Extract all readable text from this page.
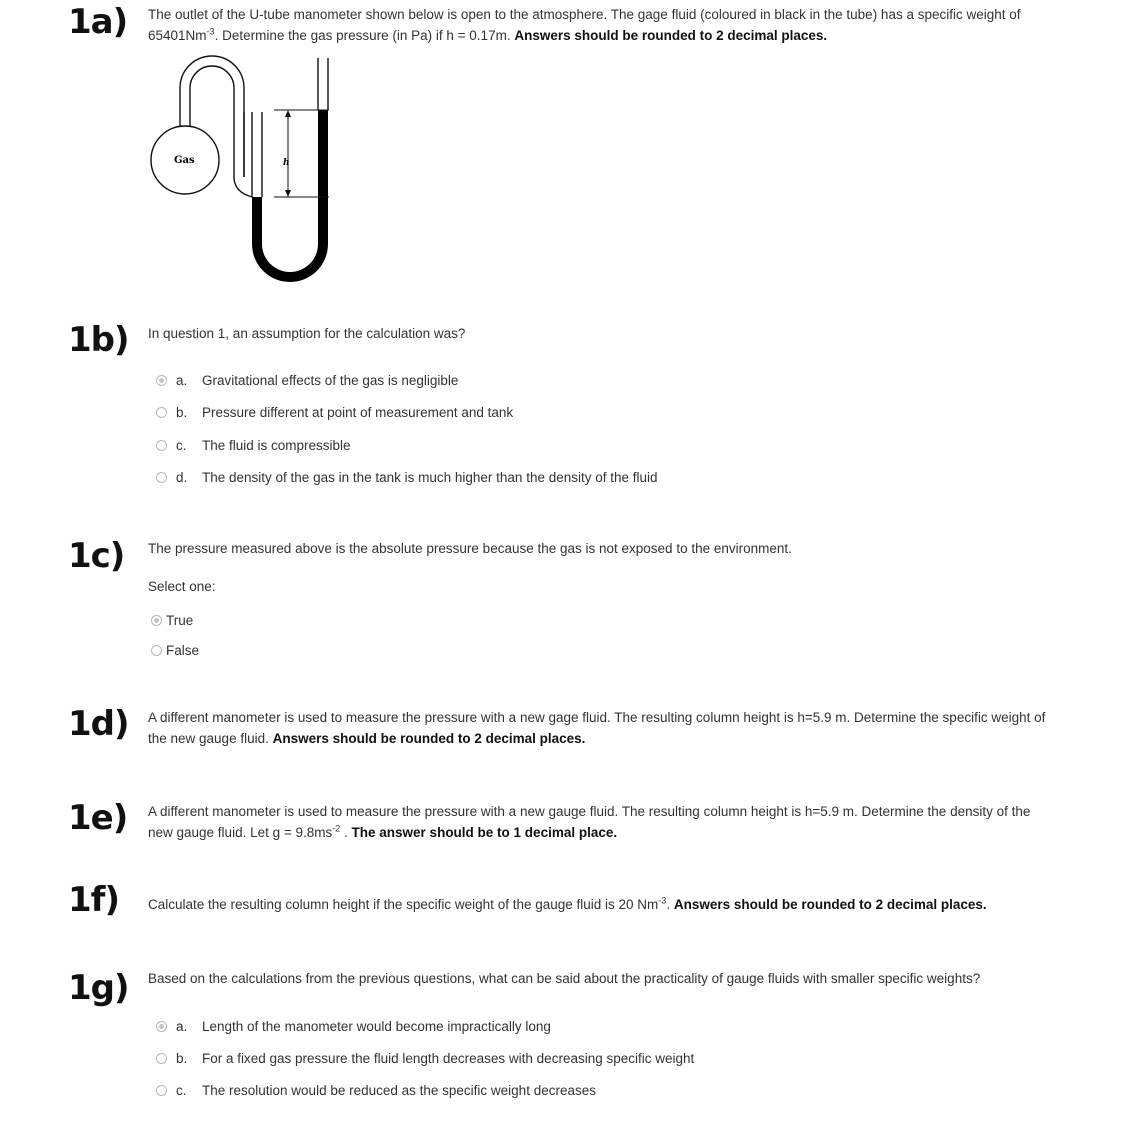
1a) The outlet of the U-tube manometer shown below is open to the atmosphere. The gage fluid (coloured in black in the tube) has a specific weight of $65401Nm^{-3}$. Determine the gas pressure (in Pa) if h = 0.17m. Answers should be rounded to 2 decimal places.
h
Gas
1b) In question 1, an assumption for the calculation was?
a.	Gravitational effects of the gas is negligible
b.	Pressure different at point of measurement and tank
c.	The fluid is compressible
d.	The density of the gas in the tank is much higher than the density of the fluid
1c) The pressure measured above is the absolute pressure because the gas is not exposed to the environment.
Select one:
True
False
1d) A different manometer is used to measure the pressure with a new gage fluid. The resulting column height is h=5.9 m. Determine the specific weight of the new gauge fluid. Answers should be rounded to 2 decimal places.
1e) A different manometer is used to measure the pressure with a new gauge fluid. The resulting column height is h=5.9 m. Determine the density of the new gauge fluid. Let $g = 9.8ms^{-2}$ . The answer should be to 1 decimal place.
1f) Calculate the resulting column height if the specific weight of the gauge fluid is 20 $Nm^{-3}$. Answers should be rounded to 2 decimal places.
1g) Based on the calculations from the previous questions, what can be said about the practicality of gauge fluids with smaller specific weights?
a.	Length of the manometer would become impractically long
b.	For a fixed gas pressure the fluid length decreases with decreasing specific weight
c.	The resolution would be reduced as the specific weight decreases
